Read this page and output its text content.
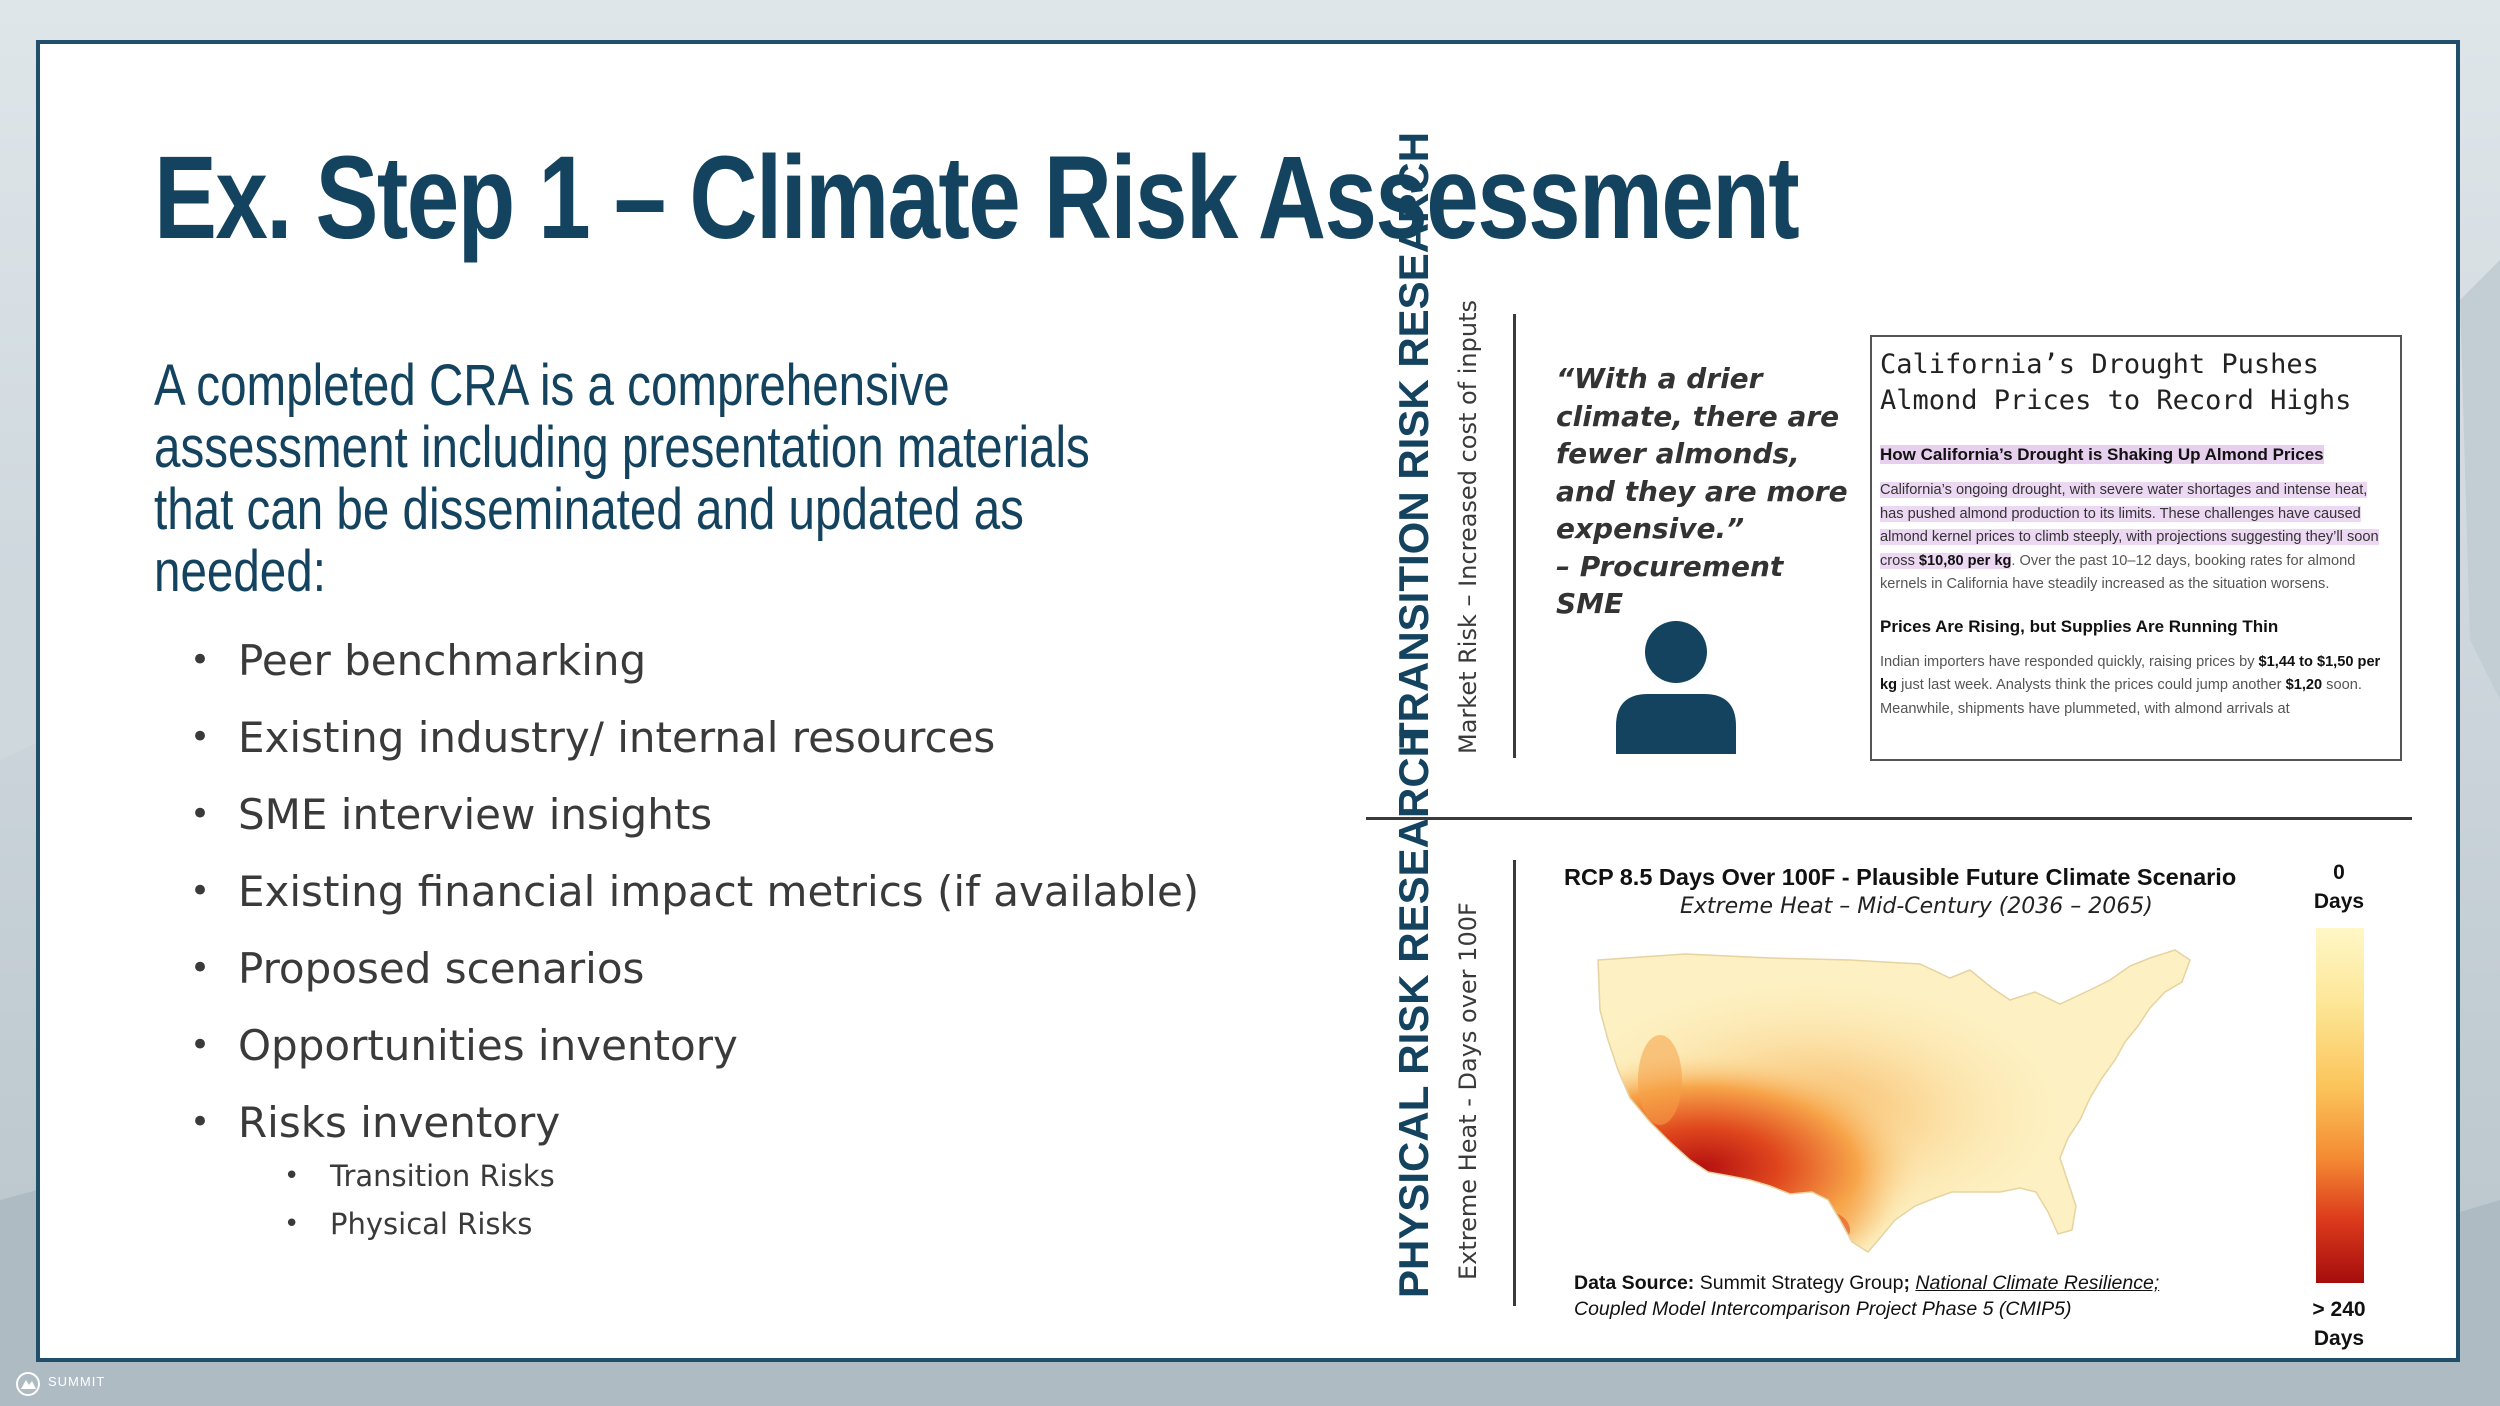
Ex. Step 1 – Climate Risk Assessment

A completed CRA is a comprehensive assessment including presentation materials that can be disseminated and updated as needed:

• Peer benchmarking
• Existing industry/ internal resources
• SME interview insights
• Existing financial impact metrics (if available)
• Proposed scenarios
• Opportunities inventory
• Risks inventory
• Transition Risks
• Physical Risks
TRANSITION RISK RESEARCH Market Risk – Increased cost of inputs	“With a drier climate, there are fewer almonds, and they are more expensive.”
– Procurement SME

California’s Drought Pushes
Almond Prices to Record Highs
How California’s Drought is Shaking Up Almond Prices
California’s ongoing drought, with severe water shortages and intense heat, has pushed almond production to its limits. These challenges have caused almond kernel prices to climb steeply, with projections suggesting they’ll soon cross $10,80 per kg. Over the past 10–12 days, booking rates for almond kernels in California have steadily increased as the situation worsens.
Prices Are Rising, but Supplies Are Running Thin
Indian importers have responded quickly, raising prices by $1,44 to $1,50 per kg just last week. Analysts think the prices could jump another $1,20 soon. Meanwhile, shipments have plummeted, with almond arrivals at
PHYSICAL RISK RESEARCH Extreme Heat - Days over 100F
RCP 8.5 Days Over 100F - Plausible Future Climate Scenario
Extreme Heat – Mid-Century (2036 – 2065)

Data Source: Summit Strategy Group; National Climate Resilience;
Coupled Model Intercomparison Project Phase 5 (CMIP5)

0
Days
> 240
Days
SUMMIT
